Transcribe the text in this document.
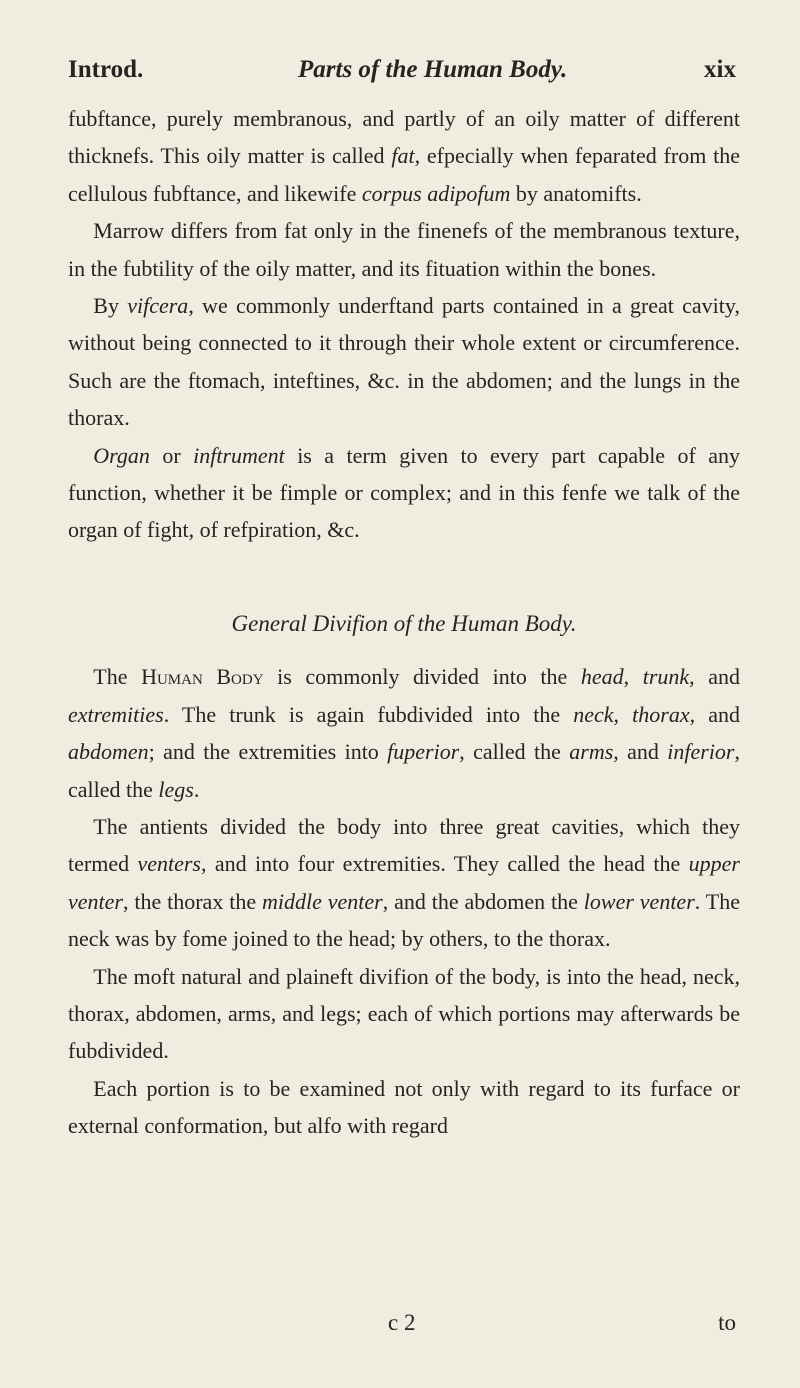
Introd.	Parts of the Human Body.	xix

fubftance, purely membranous, and partly of an oily matter of different thicknefs. This oily matter is called fat, efpecially when feparated from the cellulous fubftance, and likewife corpus adipofum by anatomifts.

Marrow differs from fat only in the finenefs of the membranous texture, in the fubtility of the oily matter, and its fituation within the bones.

By vifcera, we commonly underftand parts contained in a great cavity, without being connected to it through their whole extent or circumference. Such are the ftomach, inteftines, &c. in the abdomen; and the lungs in the thorax.

Organ or inftrument is a term given to every part capable of any function, whether it be fimple or complex; and in this fenfe we talk of the organ of fight, of refpiration, &c.

General Divifion of the Human Body.

The Human Body is commonly divided into the head, trunk, and extremities. The trunk is again fubdivided into the neck, thorax, and abdomen; and the extremities into fuperior, called the arms, and inferior, called the legs.

The antients divided the body into three great cavities, which they termed venters, and into four extremities. They called the head the upper venter, the thorax the middle venter, and the abdomen the lower venter. The neck was by fome joined to the head; by others, to the thorax.

The moft natural and plaineft divifion of the body, is into the head, neck, thorax, abdomen, arms, and legs; each of which portions may afterwards be fubdivided.

Each portion is to be examined not only with regard to its furface or external conformation, but alfo with regard

c 2	to
